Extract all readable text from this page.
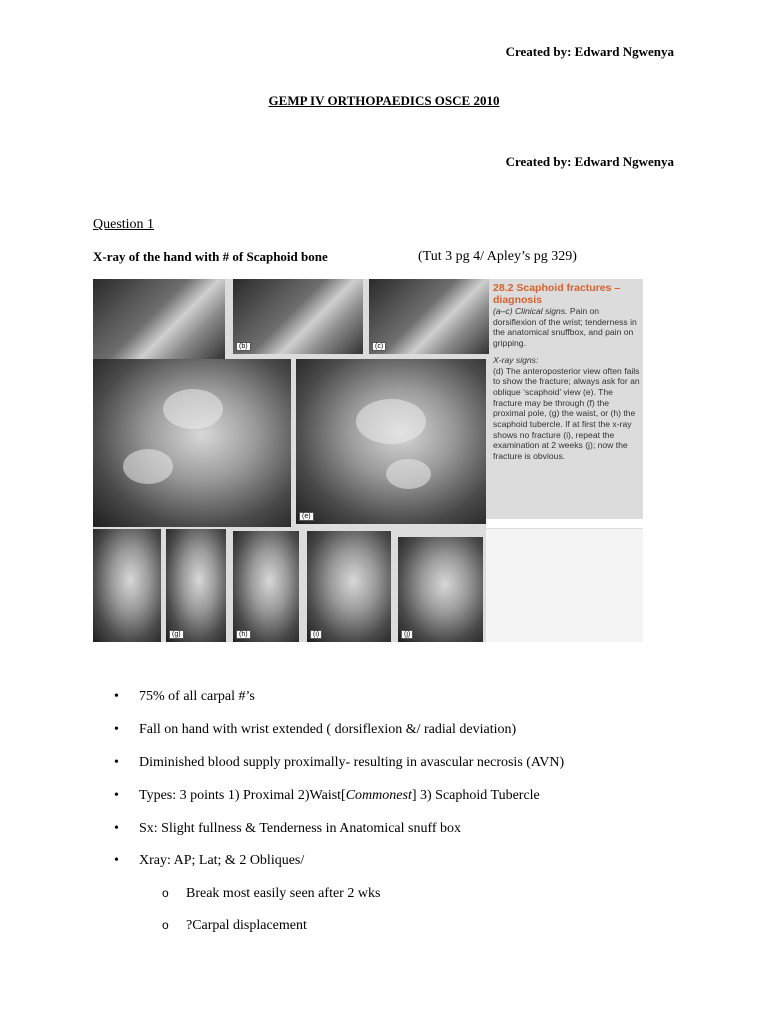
Created by: Edward Ngwenya
GEMP IV ORTHOPAEDICS OSCE 2010
Created by: Edward Ngwenya
Question 1
X-ray of the hand with # of Scaphoid bone	(Tut 3 pg 4/ Apley’s pg 329)
(b)	(c)
(e)
28.2 Scaphoid fractures – diagnosis
(a–c) Clinical signs. Pain on dorsiflexion of the wrist; tenderness in the anatomical snuffbox, and pain on gripping.
X-ray signs:
(d) The anteroposterior view often fails to show the fracture; always ask for an oblique ‘scaphoid’ view (e). The fracture may be through (f) the proximal pole, (g) the waist, or (h) the scaphoid tubercle. If at first the x-ray shows no fracture (i), repeat the examination at 2 weeks (j); now the fracture is obvious.
(g)	(h)	(i)	(j)
• 75% of all carpal #’s
• Fall on hand with wrist extended ( dorsiflexion &/ radial deviation)
• Diminished blood supply proximally- resulting in avascular necrosis (AVN)
• Types: 3 points 1) Proximal 2)Waist[Commonest] 3) Scaphoid Tubercle
• Sx: Slight fullness & Tenderness in Anatomical snuff box
• Xray: AP; Lat; & 2 Obliques/
o Break most easily seen after 2 wks
o ?Carpal displacement
